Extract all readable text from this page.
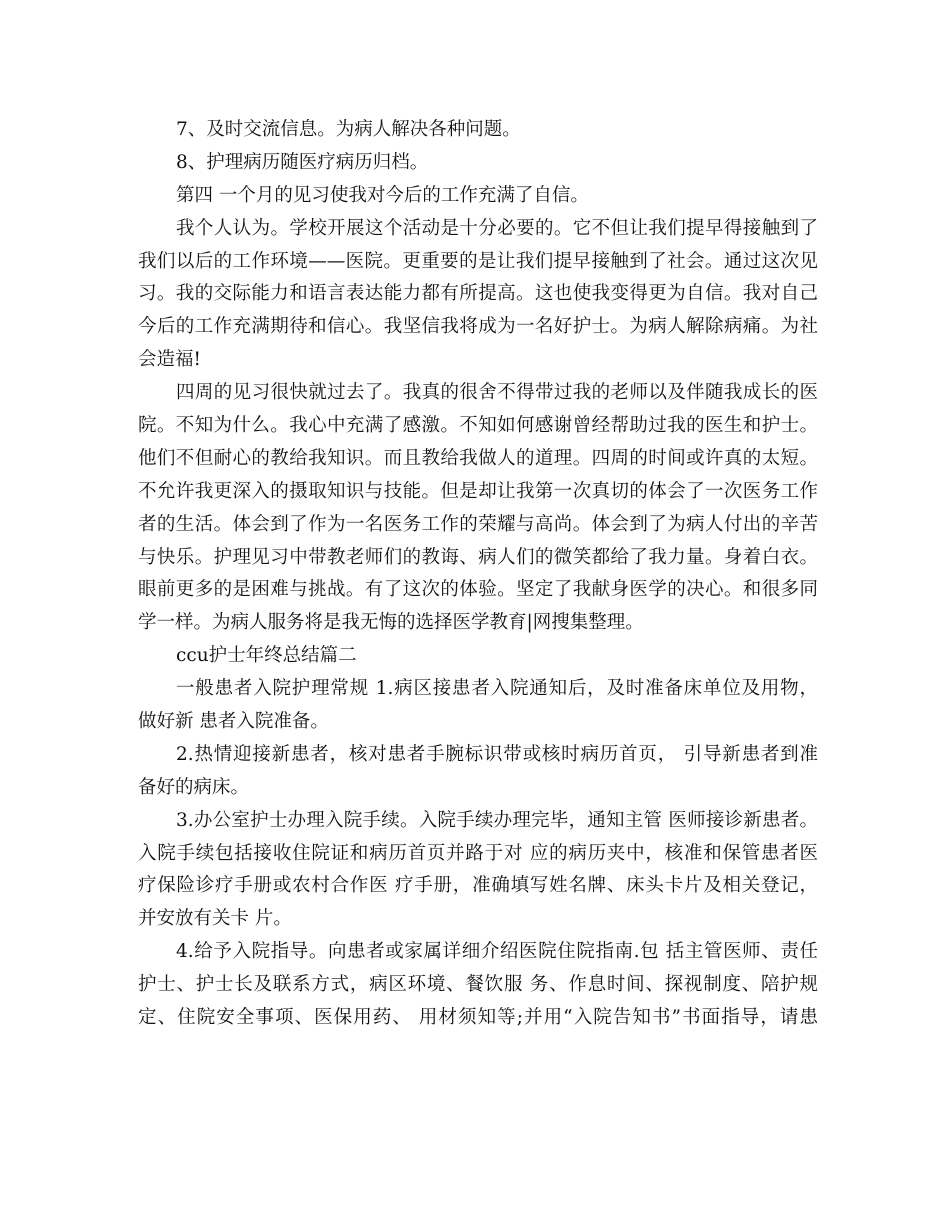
7、及时交流信息。为病人解决各种问题。
8、护理病历随医疗病历归档。
第四 一个月的见习使我对今后的工作充满了自信。
我个人认为。学校开展这个活动是十分必要的。它不但让我们提早得接触到了
我们以后的工作环境——医院。更重要的是让我们提早接触到了社会。通过这次见
习。我的交际能力和语言表达能力都有所提高。这也使我变得更为自信。我对自己
今后的工作充满期待和信心。我坚信我将成为一名好护士。为病人解除病痛。为社
会造福!
四周的见习很快就过去了。我真的很舍不得带过我的老师以及伴随我成长的医
院。不知为什么。我心中充满了感激。不知如何感谢曾经帮助过我的医生和护士。
他们不但耐心的教给我知识。而且教给我做人的道理。四周的时间或许真的太短。
不允许我更深入的摄取知识与技能。但是却让我第一次真切的体会了一次医务工作
者的生活。体会到了作为一名医务工作的荣耀与高尚。体会到了为病人付出的辛苦
与快乐。护理见习中带教老师们的教诲、病人们的微笑都给了我力量。身着白衣。
眼前更多的是困难与挑战。有了这次的体验。坚定了我献身医学的决心。和很多同
学一样。为病人服务将是我无悔的选择医学教育|网搜集整理。
ccu护士年终总结篇二
一般患者入院护理常规 1.病区接患者入院通知后，及时准备床单位及用物，
做好新 患者入院准备。
2.热情迎接新患者，核对患者手腕标识带或核时病历首页， 引导新患者到准
备好的病床。
3.办公室护士办理入院手续。入院手续办理完毕，通知主管 医师接诊新患者。
入院手续包括接收住院证和病历首页并路于对 应的病历夹中，核准和保管患者医
疗保险诊疗手册或农村合作医 疗手册，准确填写姓名牌、床头卡片及相关登记，
并安放有关卡 片。
4.给予入院指导。向患者或家属详细介绍医院住院指南.包 括主管医师、责任
护士、护士长及联系方式，病区环境、餐饮服 务、作息时间、探视制度、陪护规
定、住院安全事项、医保用药、 用材须知等;并用“入院告知书”书面指导，请患
